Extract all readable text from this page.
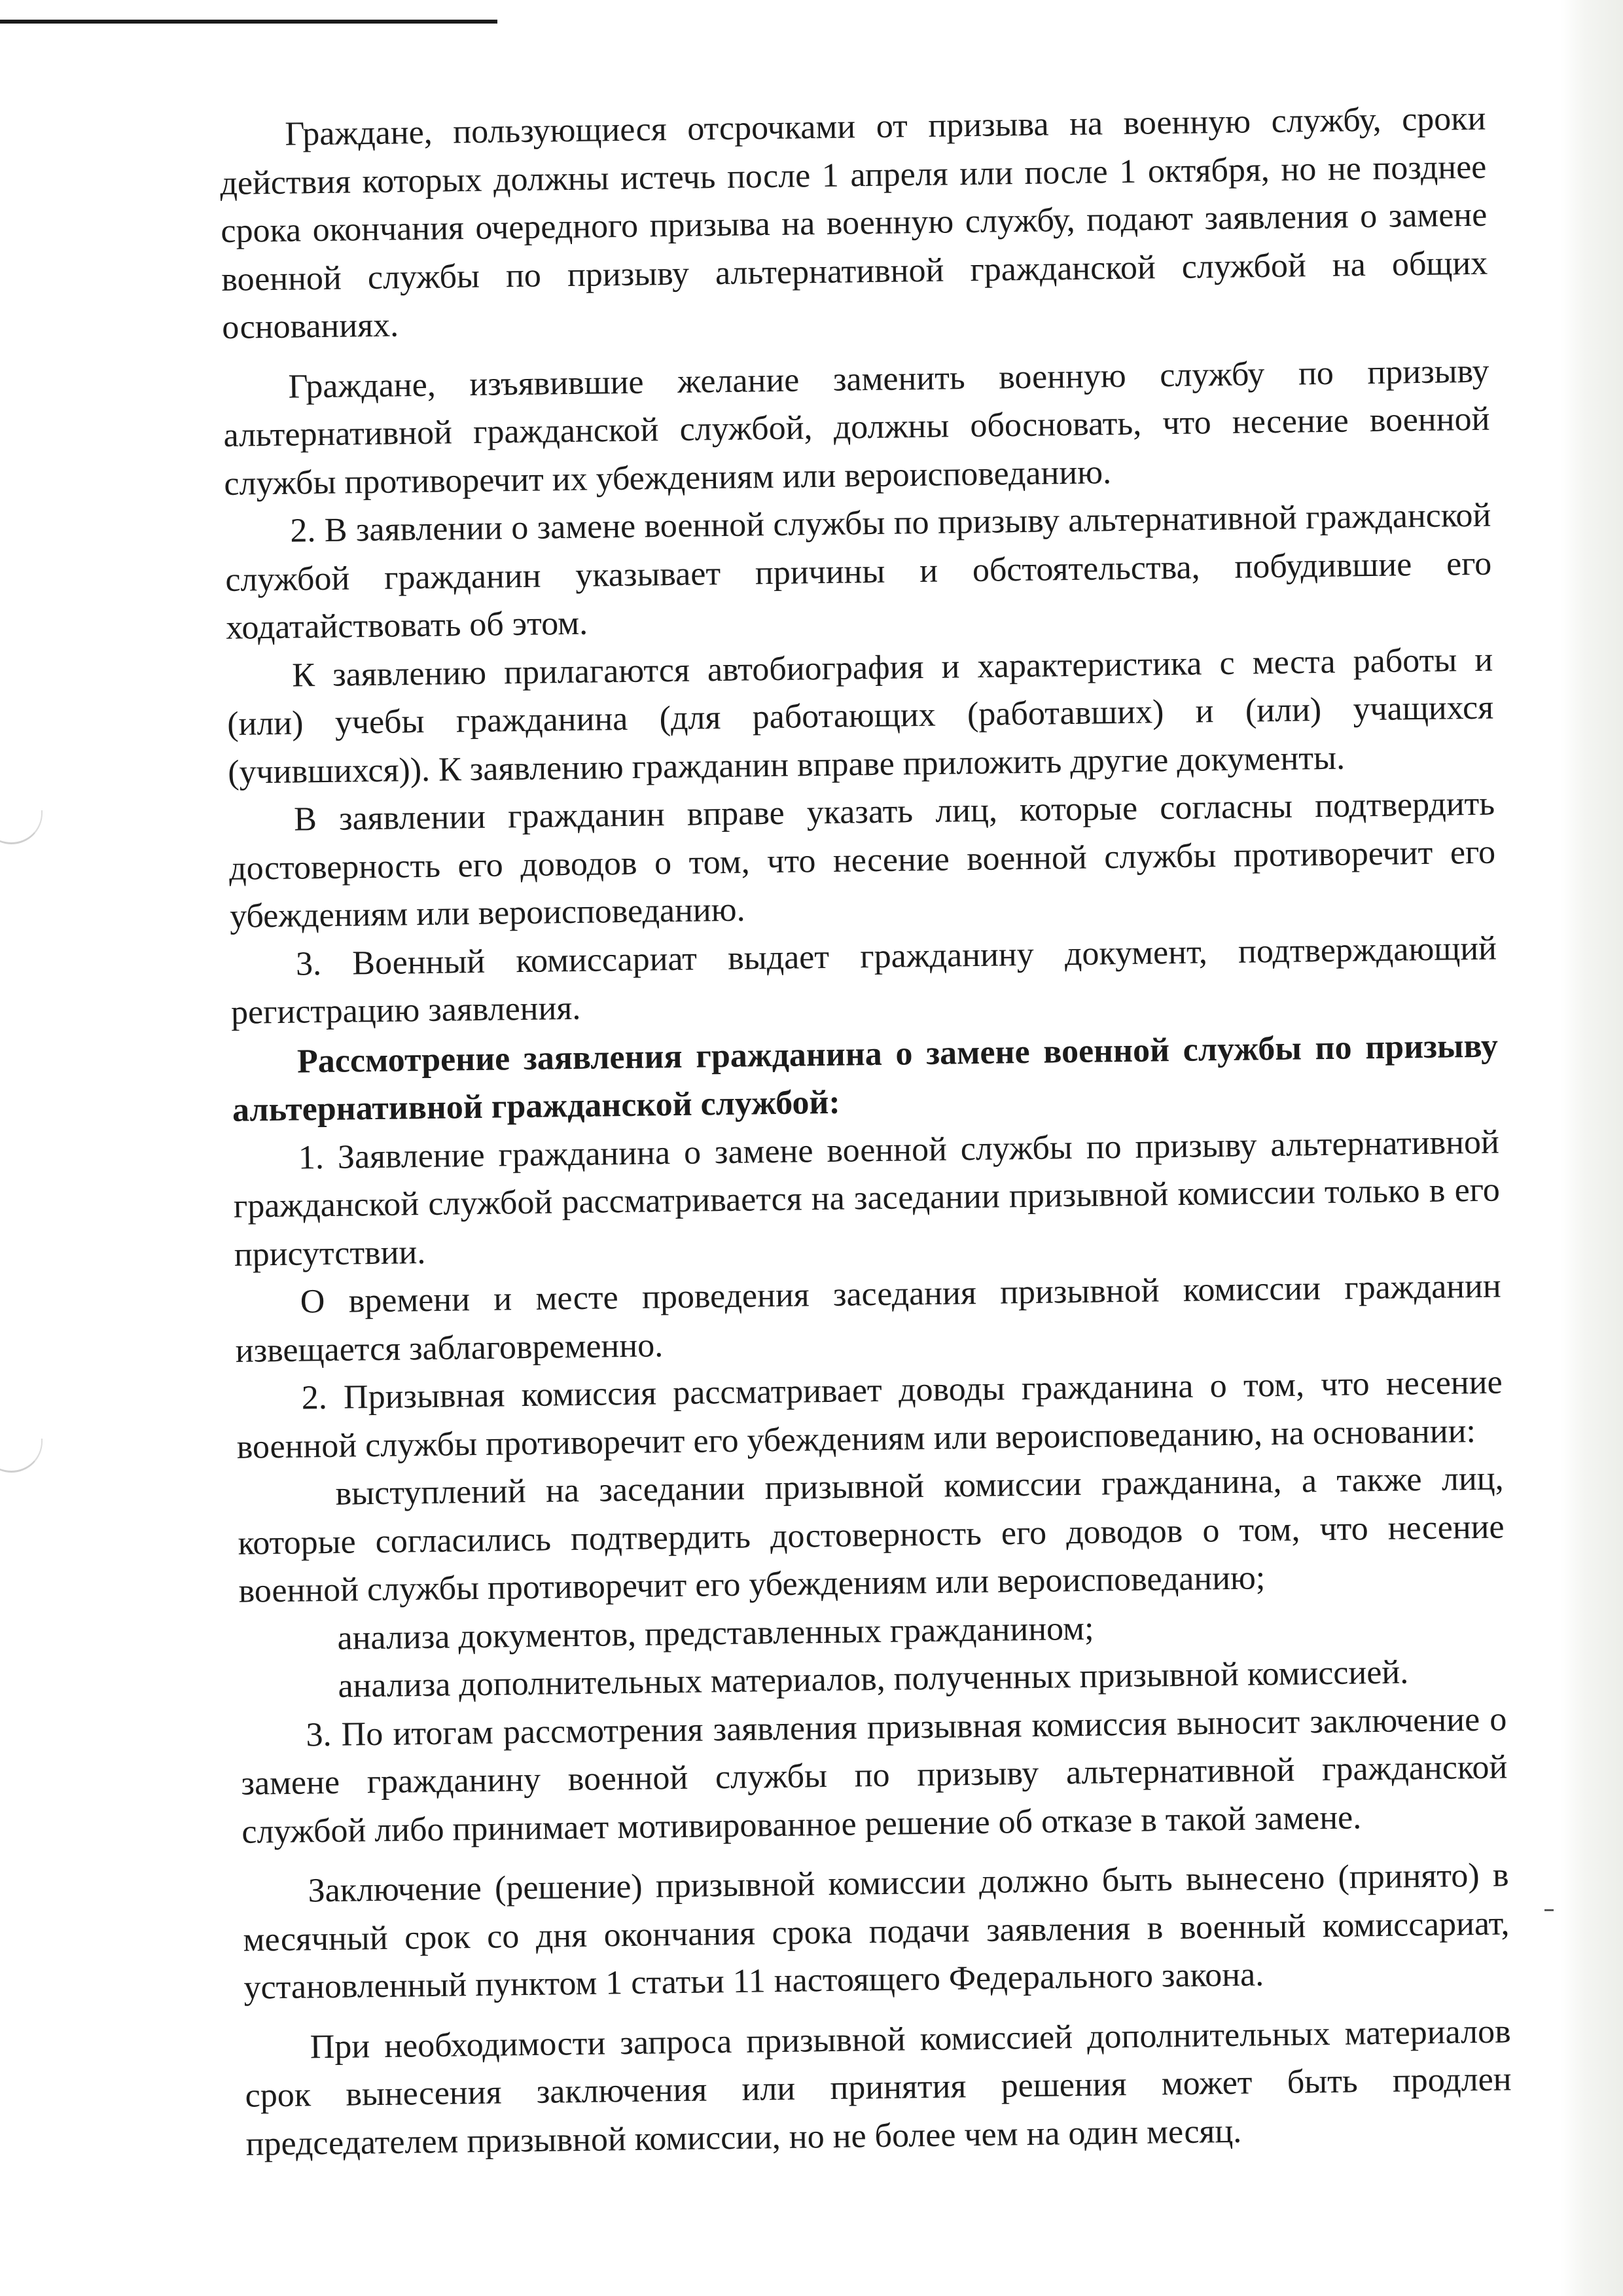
Граждане, пользующиеся отсрочками от призыва на военную службу, сроки действия которых должны истечь после 1 апреля или после 1 октября, но не позднее срока окончания очередного призыва на военную службу, подают заявления о замене военной службы по призыву альтернативной гражданской службой на общих основаниях.

Граждане, изъявившие желание заменить военную службу по призыву альтернативной гражданской службой, должны обосновать, что несение военной службы противоречит их убеждениям или вероисповеданию.

2. В заявлении о замене военной службы по призыву альтернативной гражданской службой гражданин указывает причины и обстоятельства, побудившие его ходатайствовать об этом.

К заявлению прилагаются автобиография и характеристика с места работы и (или) учебы гражданина (для работающих (работавших) и (или) учащихся (учившихся)). К заявлению гражданин вправе приложить другие документы.

В заявлении гражданин вправе указать лиц, которые согласны подтвердить достоверность его доводов о том, что несение военной службы противоречит его убеждениям или вероисповеданию.

3. Военный комиссариат выдает гражданину документ, подтверждающий регистрацию заявления.

Рассмотрение заявления гражданина о замене военной службы по призыву альтернативной гражданской службой:

1. Заявление гражданина о замене военной службы по призыву альтернативной гражданской службой рассматривается на заседании призывной комиссии только в его присутствии.

О времени и месте проведения заседания призывной комиссии гражданин извещается заблаговременно.

2. Призывная комиссия рассматривает доводы гражданина о том, что несение военной службы противоречит его убеждениям или вероисповеданию, на основании:

выступлений на заседании призывной комиссии гражданина, а также лиц, которые согласились подтвердить достоверность его доводов о том, что несение военной службы противоречит его убеждениям или вероисповеданию;

анализа документов, представленных гражданином;

анализа дополнительных материалов, полученных призывной комиссией.

3. По итогам рассмотрения заявления призывная комиссия выносит заключение о замене гражданину военной службы по призыву альтернативной гражданской службой либо принимает мотивированное решение об отказе в такой замене.

Заключение (решение) призывной комиссии должно быть вынесено (принято) в месячный срок со дня окончания срока подачи заявления в военный комиссариат, установленный пунктом 1 статьи 11 настоящего Федерального закона.

При необходимости запроса призывной комиссией дополнительных материалов срок вынесения заключения или принятия решения может быть продлен председателем призывной комиссии, но не более чем на один месяц.
